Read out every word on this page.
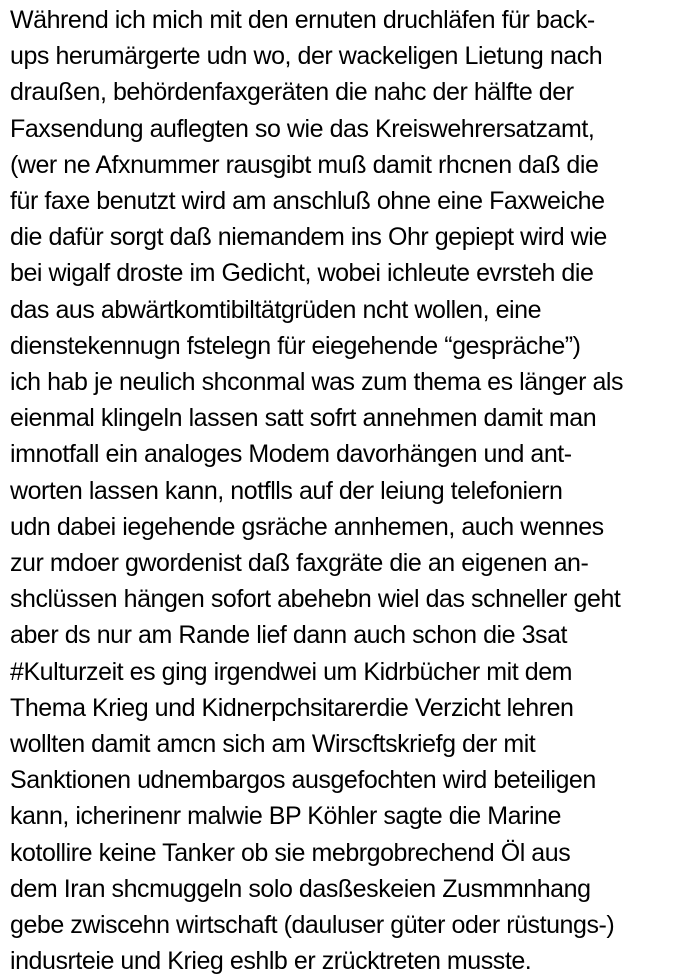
Während ich mich mit den ernuten druchläfen für back-
ups herumärgerte udn wo, der wackeligen Lietung nach
draußen, behördenfaxgeräten die nahc der hälfte der
Faxsendung auflegten so wie das Kreiswehrersatzamt,
(wer ne Afxnummer rausgibt muß damit rhcnen daß die
für faxe benutzt wird am anschluß ohne eine Faxweiche
die dafür sorgt daß niemandem ins Ohr gepiept wird wie
bei wigalf droste im Gedicht, wobei ichleute evrsteh die
das aus abwärtkomtibiltätgrüden ncht wollen, eine
dienstekennugn fstelegn für eiegehende “gespräche”)
ich hab je neulich shconmal was zum thema es länger als
eienmal klingeln lassen satt sofrt annehmen damit man
imnotfall ein analoges Modem davorhängen und ant-
worten lassen kann, notflls auf der leiung telefoniern
udn dabei iegehende gsräche annhemen, auch wennes
zur mdoer gwordenist daß faxgräte die an eigenen an-
shclüssen hängen sofort abehebn wiel das schneller geht
aber ds nur am Rande lief dann auch schon die 3sat
#Kulturzeit es ging irgendwei um Kidrbücher mit dem
Thema Krieg und Kidnerpchsitarerdie Verzicht lehren
wollten damit amcn sich am Wirscftskriefg der mit
Sanktionen udnembargos ausgefochten wird beteiligen
kann, icherinenr malwie BP Köhler sagte die Marine
kotollire keine Tanker ob sie mebrgobrechend Öl aus
dem Iran shcmuggeln solo dasßeskeien Zusmmnhang
gebe zwiscehn wirtschaft (dauluser güter oder rüstungs-)
indusrteie und Krieg eshlb er zrücktreten musste.
